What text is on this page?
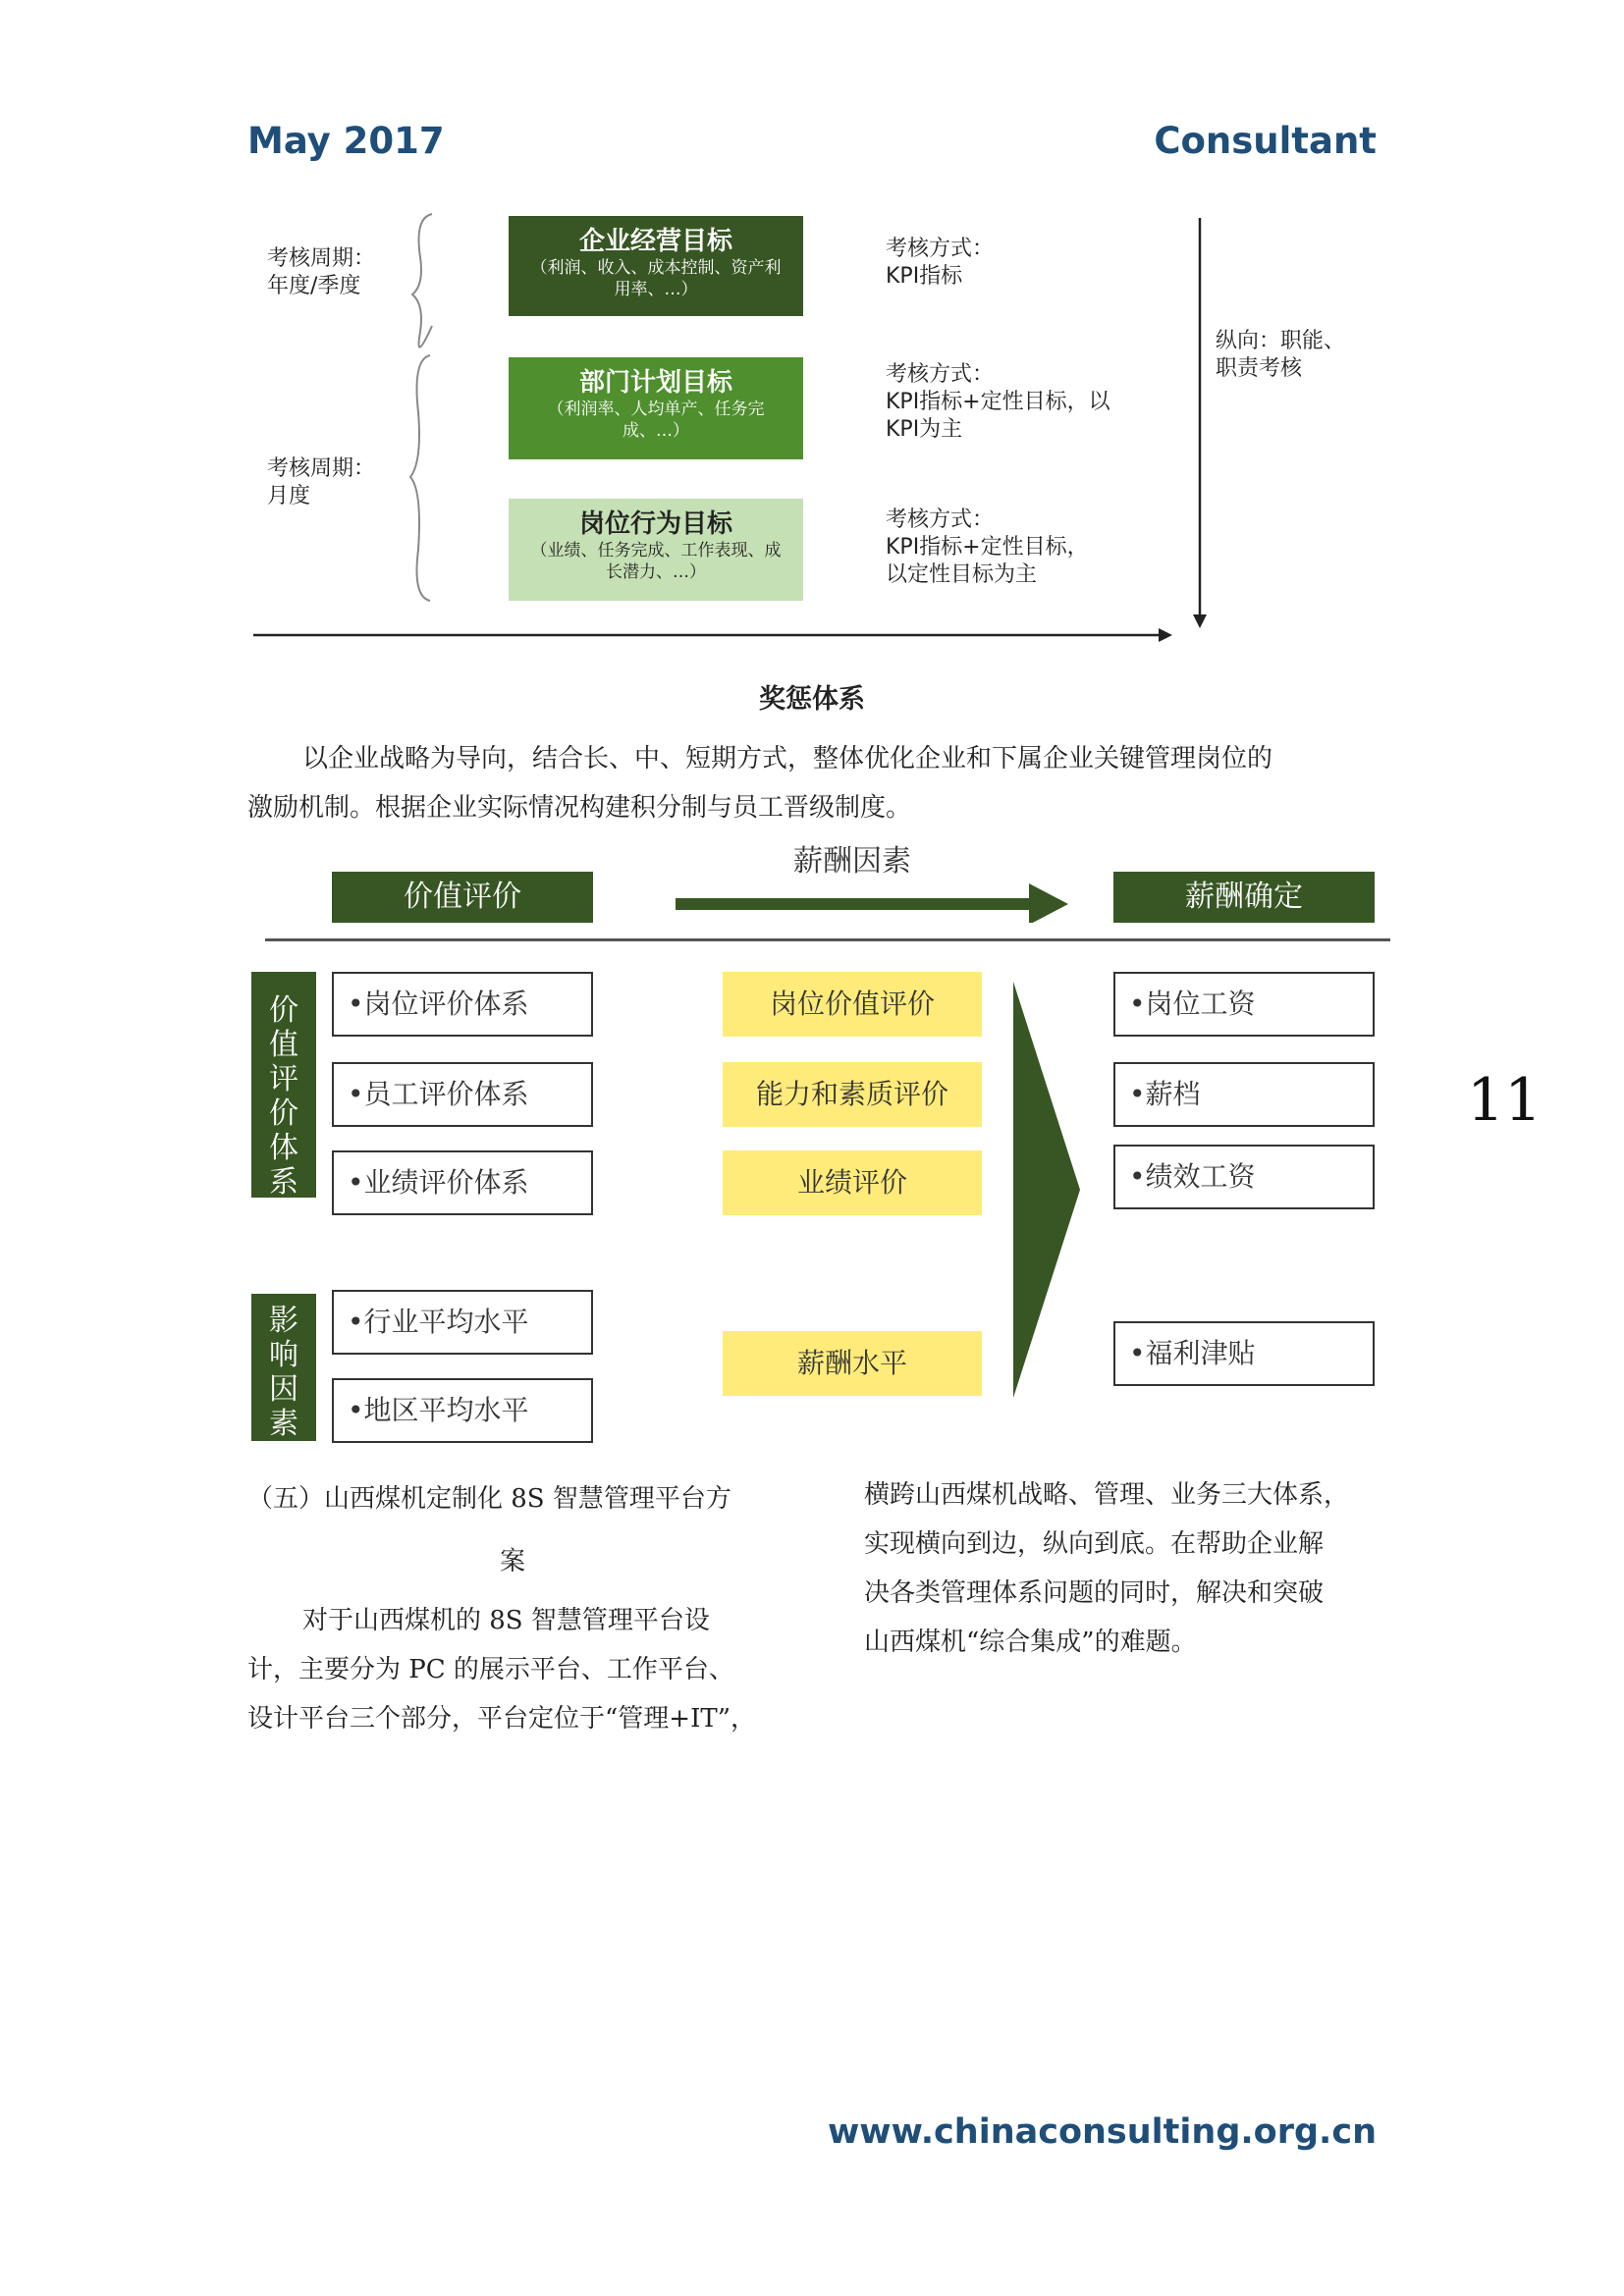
May 2017	Consultant
考核周期：
年度/季度
考核周期：
月度
企业经营目标
（利润、收入、成本控制、资产利用率、…）
部门计划目标
（利润率、人均单产、任务完成、…）
岗位行为目标
（业绩、任务完成、工作表现、成长潜力、…）
考核方式：
KPI指标
考核方式：
KPI指标+定性目标，以
KPI为主
考核方式：
KPI指标+定性目标，
以定性目标为主
纵向：职能、
职责考核
奖惩体系
以企业战略为导向，结合长、中、短期方式，整体优化企业和下属企业关键管理岗位的
激励机制。根据企业实际情况构建积分制与员工晋级制度。
价值评价
薪酬因素
薪酬确定
价
值
评
价
体
系
影
响
因
素
•岗位评价体系
•员工评价体系
•业绩评价体系
•行业平均水平
•地区平均水平
岗位价值评价
能力和素质评价
业绩评价
薪酬水平
•岗位工资
•薪档
•绩效工资
•福利津贴
11
（五）山西煤机定制化 8S 智慧管理平台方
案
对于山西煤机的 8S 智慧管理平台设
计，主要分为 PC 的展示平台、工作平台、
设计平台三个部分，平台定位于“管理+IT”，
横跨山西煤机战略、管理、业务三大体系，
实现横向到边，纵向到底。在帮助企业解
决各类管理体系问题的同时，解决和突破
山西煤机“综合集成”的难题。
www.chinaconsulting.org.cn
